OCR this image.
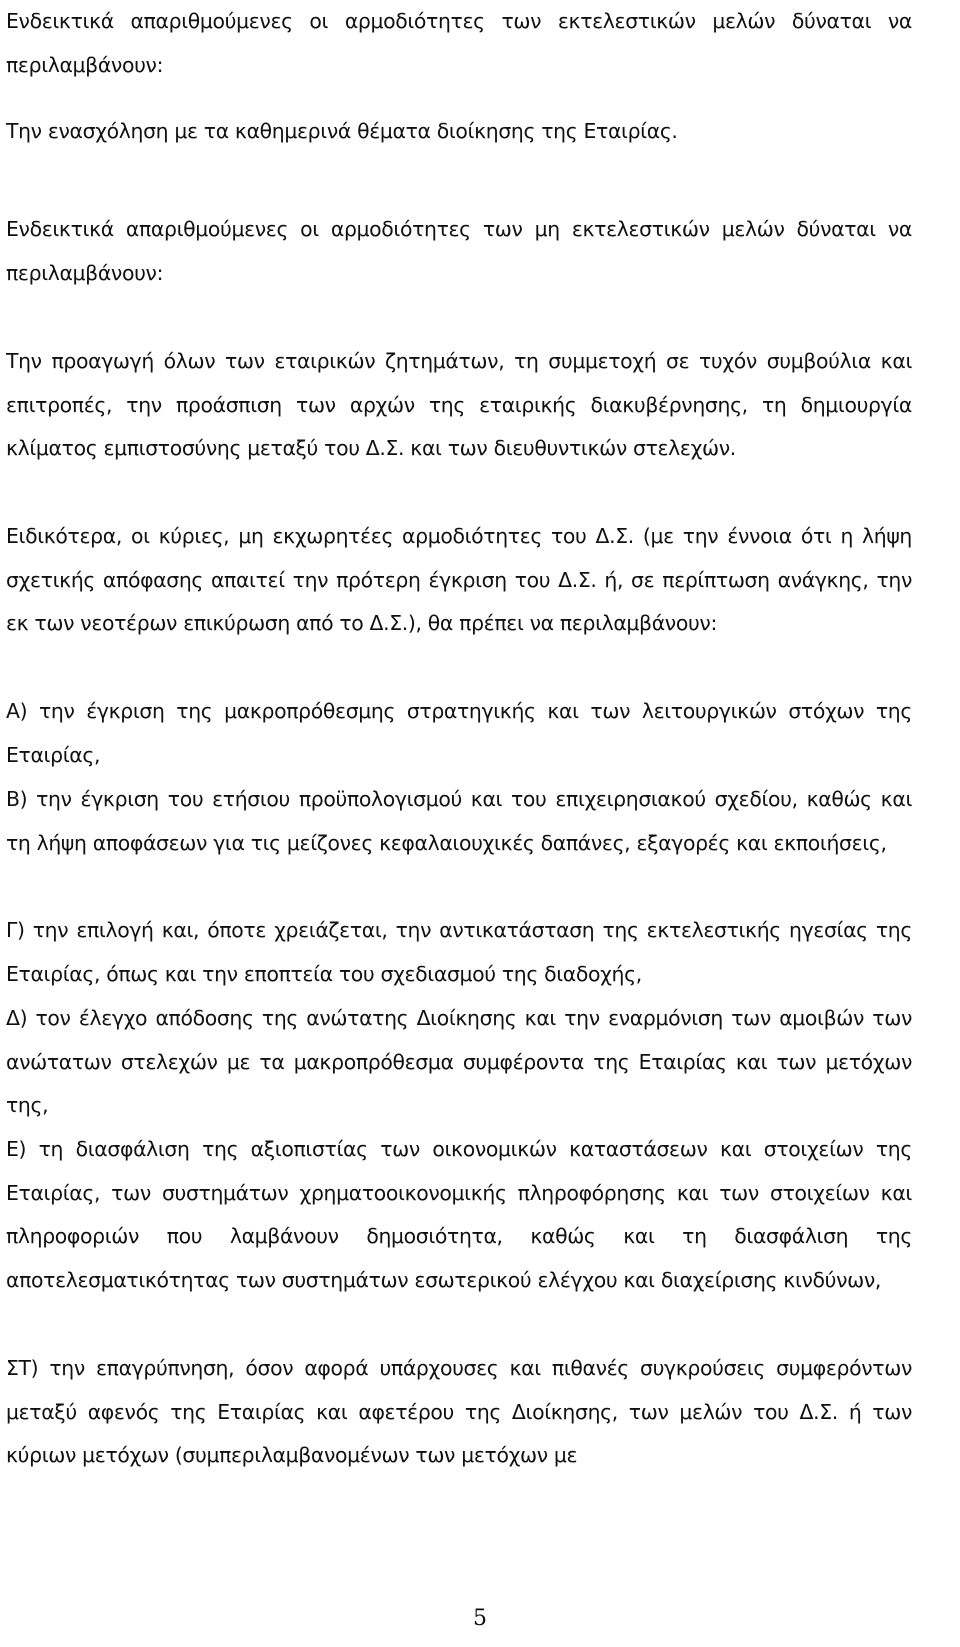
Ενδεικτικά απαριθμούμενες οι αρμοδιότητες των εκτελεστικών μελών δύναται να περιλαμβάνουν:

Την ενασχόληση με τα καθημερινά θέματα διοίκησης της Εταιρίας.

Ενδεικτικά απαριθμούμενες οι αρμοδιότητες των μη εκτελεστικών μελών δύναται να περιλαμβάνουν:

Την προαγωγή όλων των εταιρικών ζητημάτων, τη συμμετοχή σε τυχόν συμβούλια και επιτροπές, την προάσπιση των αρχών της εταιρικής διακυβέρνησης, τη δημιουργία κλίματος εμπιστοσύνης μεταξύ του Δ.Σ. και των διευθυντικών στελεχών.

Ειδικότερα, οι κύριες, μη εκχωρητέες αρμοδιότητες του Δ.Σ. (με την έννοια ότι η λήψη σχετικής απόφασης απαιτεί την πρότερη έγκριση του Δ.Σ. ή, σε περίπτωση ανάγκης, την εκ των νεοτέρων επικύρωση από το Δ.Σ.), θα πρέπει να περιλαμβάνουν:

Α) την έγκριση της μακροπρόθεσμης στρατηγικής και των λειτουργικών στόχων της Εταιρίας,

Β) την έγκριση του ετήσιου προϋπολογισμού και του επιχειρησιακού σχεδίου, καθώς και τη λήψη αποφάσεων για τις μείζονες κεφαλαιουχικές δαπάνες, εξαγορές και εκποιήσεις,

Γ) την επιλογή και, όποτε χρειάζεται, την αντικατάσταση της εκτελεστικής ηγεσίας της Εταιρίας, όπως και την εποπτεία του σχεδιασμού της διαδοχής,

Δ) τον έλεγχο απόδοσης της ανώτατης Διοίκησης και την εναρμόνιση των αμοιβών των ανώτατων στελεχών με τα μακροπρόθεσμα συμφέροντα της Εταιρίας και των μετόχων της,

Ε) τη διασφάλιση της αξιοπιστίας των οικονομικών καταστάσεων και στοιχείων της Εταιρίας, των συστημάτων χρηματοοικονομικής πληροφόρησης και των στοιχείων και πληροφοριών που λαμβάνουν δημοσιότητα, καθώς και τη διασφάλιση της αποτελεσματικότητας των συστημάτων εσωτερικού ελέγχου και διαχείρισης κινδύνων,

ΣΤ) την επαγρύπνηση, όσον αφορά υπάρχουσες και πιθανές συγκρούσεις συμφερόντων μεταξύ αφενός της Εταιρίας και αφετέρου της Διοίκησης, των μελών του Δ.Σ. ή των κύριων μετόχων (συμπεριλαμβανομένων των μετόχων με

5
